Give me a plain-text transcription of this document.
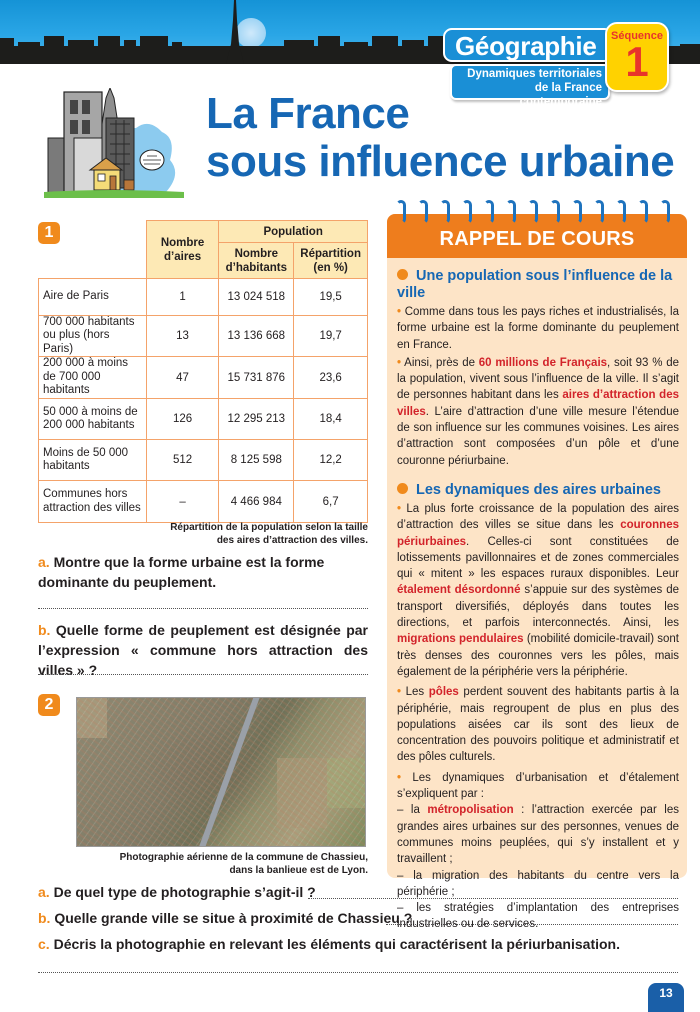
Géographie
Dynamiques territoriales
de la France contemporaine
Séquence
1
La France
sous influence urbaine
1
	Nombre d’aires	Population	
		Nombre d’habitants	Répartition (en %)
Aire de Paris	1	13 024 518	19,5
700 000 habitants ou plus (hors Paris)	13	13 136 668	19,7
200 000 à moins de 700 000 habitants	47	15 731 876	23,6
50 000 à moins de 200 000 habitants	126	12 295 213	18,4
Moins de 50 000 habitants	512	8 125 598	12,2
Communes hors attraction des villes	–	4 466 984	6,7
Répartition de la population selon la taille
des aires d’attraction des villes.
a. Montre que la forme urbaine est la forme dominante du peuplement.
b. Quelle forme de peuplement est désignée par l’expression « commune hors attraction des villes » ?
2
Photographie aérienne de la commune de Chassieu,
dans la banlieue est de Lyon.
a. De quel type de photographie s’agit-il ?
b. Quelle grande ville se situe à proximité de Chassieu ?
c. Décris la photographie en relevant les éléments qui caractérisent la périurbanisation.
RAPPEL DE COURS
Une population sous l’influence de la ville

• Comme dans tous les pays riches et industrialisés, la forme urbaine est la forme dominante du peuplement en France.

• Ainsi, près de 60 millions de Français, soit 93 % de la population, vivent sous l’influence de la ville. Il s’agit de personnes habitant dans les aires d’attraction des villes. L’aire d’attraction d’une ville mesure l’étendue de son influence sur les communes voisines. Les aires d’attraction sont composées d’un pôle et d’une couronne périurbaine.

Les dynamiques des aires urbaines

• La plus forte croissance de la population des aires d’attraction des villes se situe dans les couronnes périurbaines. Celles-ci sont constituées de lotissements pavillonnaires et de zones commerciales qui « mitent » les espaces ruraux disponibles. Leur étalement désordonné s’appuie sur des systèmes de transport diversifiés, déployés dans toutes les directions, et parfois interconnectés. Ainsi, les migrations pendulaires (mobilité domicile-travail) sont très denses des couronnes vers les pôles, mais également de la périphérie vers la périphérie.

• Les pôles perdent souvent des habitants partis à la périphérie, mais regroupent de plus en plus des populations aisées car ils sont des lieux de concentration des pouvoirs politique et administratif et des pôles culturels.

• Les dynamiques d’urbanisation et d’étalement s’expliquent par :
– la métropolisation : l’attraction exercée par les grandes aires urbaines sur des personnes, venues de communes moins peuplées, qui s’y installent et y travaillent ;
– la migration des habitants du centre vers la périphérie ;
– les stratégies d’implantation des entreprises industrielles ou de services.

13
